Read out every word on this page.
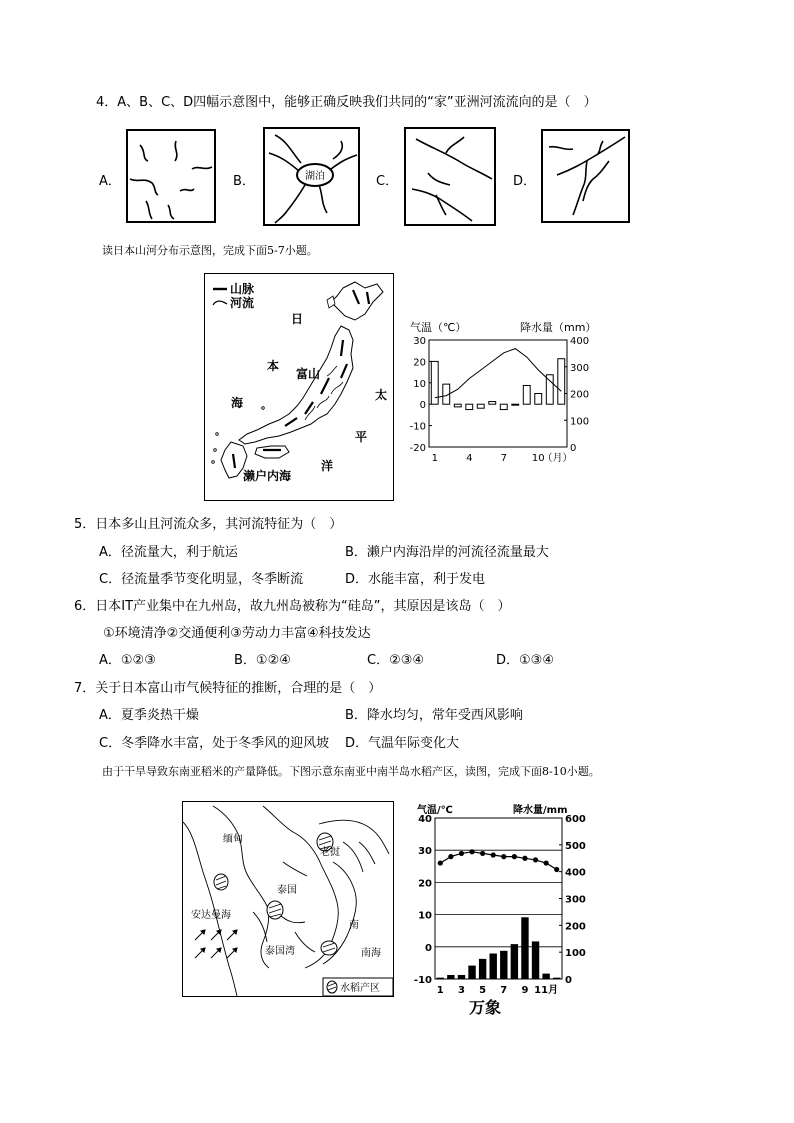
4．A、B、C、D四幅示意图中，能够正确反映我们共同的“家”亚洲河流流向的是（　）
A．	B．	湖泊	C．	D．
读日本山河分布示意图，完成下面5-7小题。
山脉
河流
日
本
海
富山
太
平
洋
濑户内海
气温（℃）	降水量（mm）
30
20
10
0
-10
-20
400
300
200
100
0
1	4	7 10
（月）
5．日本多山且河流众多，其河流特征为（　）
A．径流量大，利于航运	B．濑户内海沿岸的河流径流量最大
C．径流量季节变化明显，冬季断流	D．水能丰富，利于发电
6．日本IT产业集中在九州岛，故九州岛被称为“硅岛”，其原因是该岛（　）
①环境清净②交通便利③劳动力丰富④科技发达
A．①②③	B．①②④	C．②③④	D．①③④
7．关于日本富山市气候特征的推断，合理的是（　）
A．夏季炎热干燥	B．降水均匀，常年受西风影响
C．冬季降水丰富，处于冬季风的迎风坡 D．气温年际变化大
由于干旱导致东南亚稻米的产量降低。下图示意东南亚中南半岛水稻产区，读图，完成下面8-10小题。
缅甸
老挝
泰国
安达曼海
泰国湾
南
南海
水稻产区
气温/℃	降水量/mm
40
30
20
10
0
-10
600
500
400
300
200
100
0
1 3 5 7 9 11月
万象
